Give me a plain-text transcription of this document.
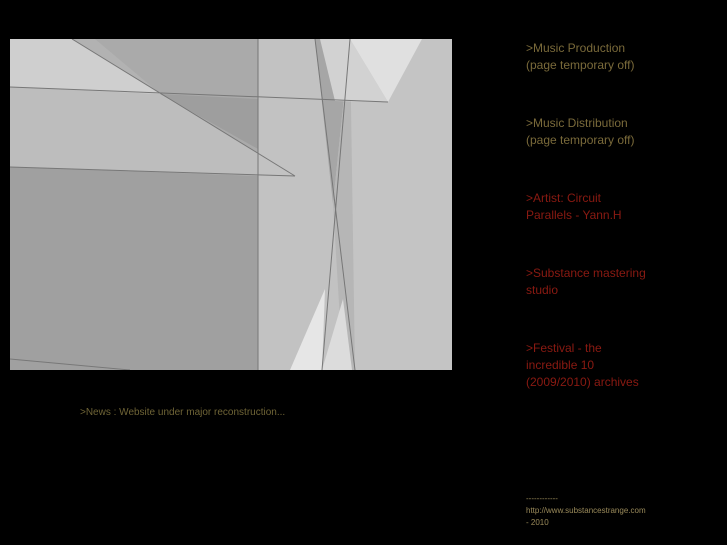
>Music Production
(page temporary off)
>Music Distribution
(page temporary off)
>Artist: Circuit
Parallels - Yann.H
>Substance mastering
studio
>Festival - the
incredible 10
(2009/2010) archives
>News : Website under major reconstruction...
------------
http://www.substancestrange.com
- 2010
